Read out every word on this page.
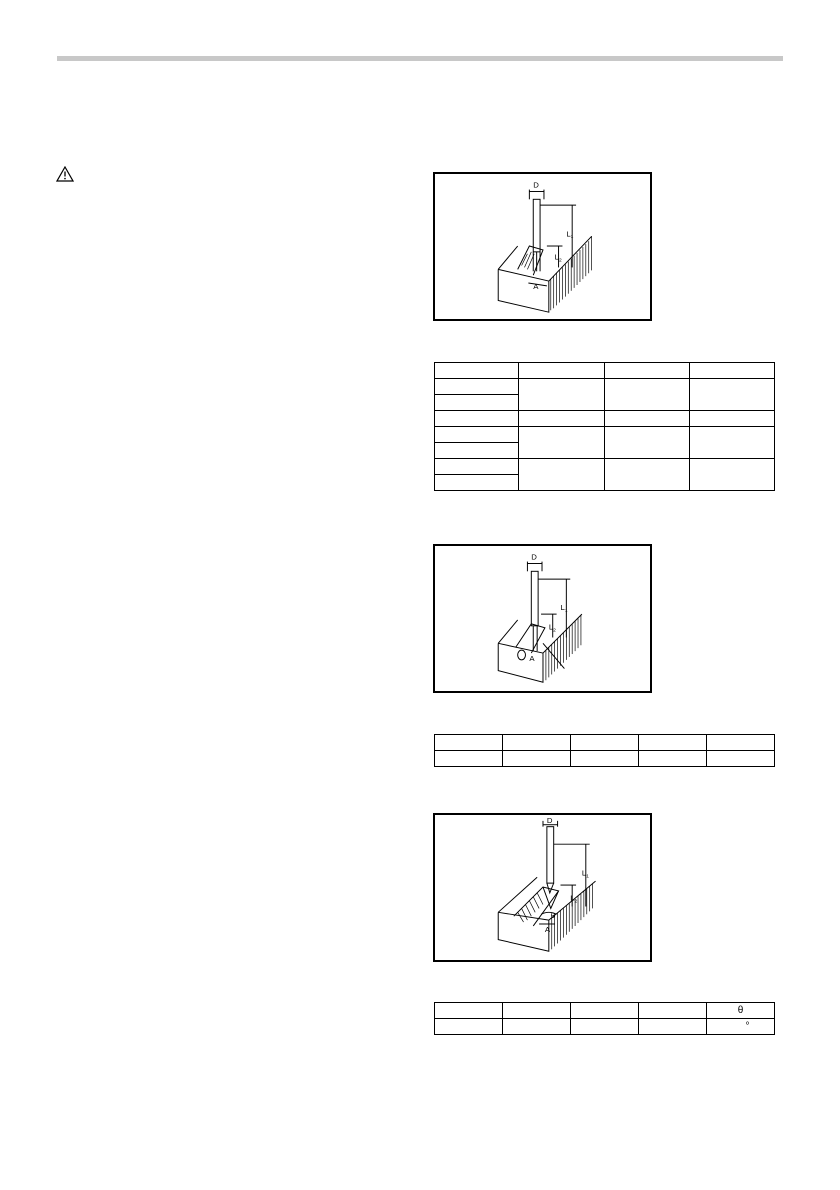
D
$L_1$
$L_2$
A

D
$L_1$
$L_2$
A

D
$L_1$
$L_2$
θ
A
				θ
				°
